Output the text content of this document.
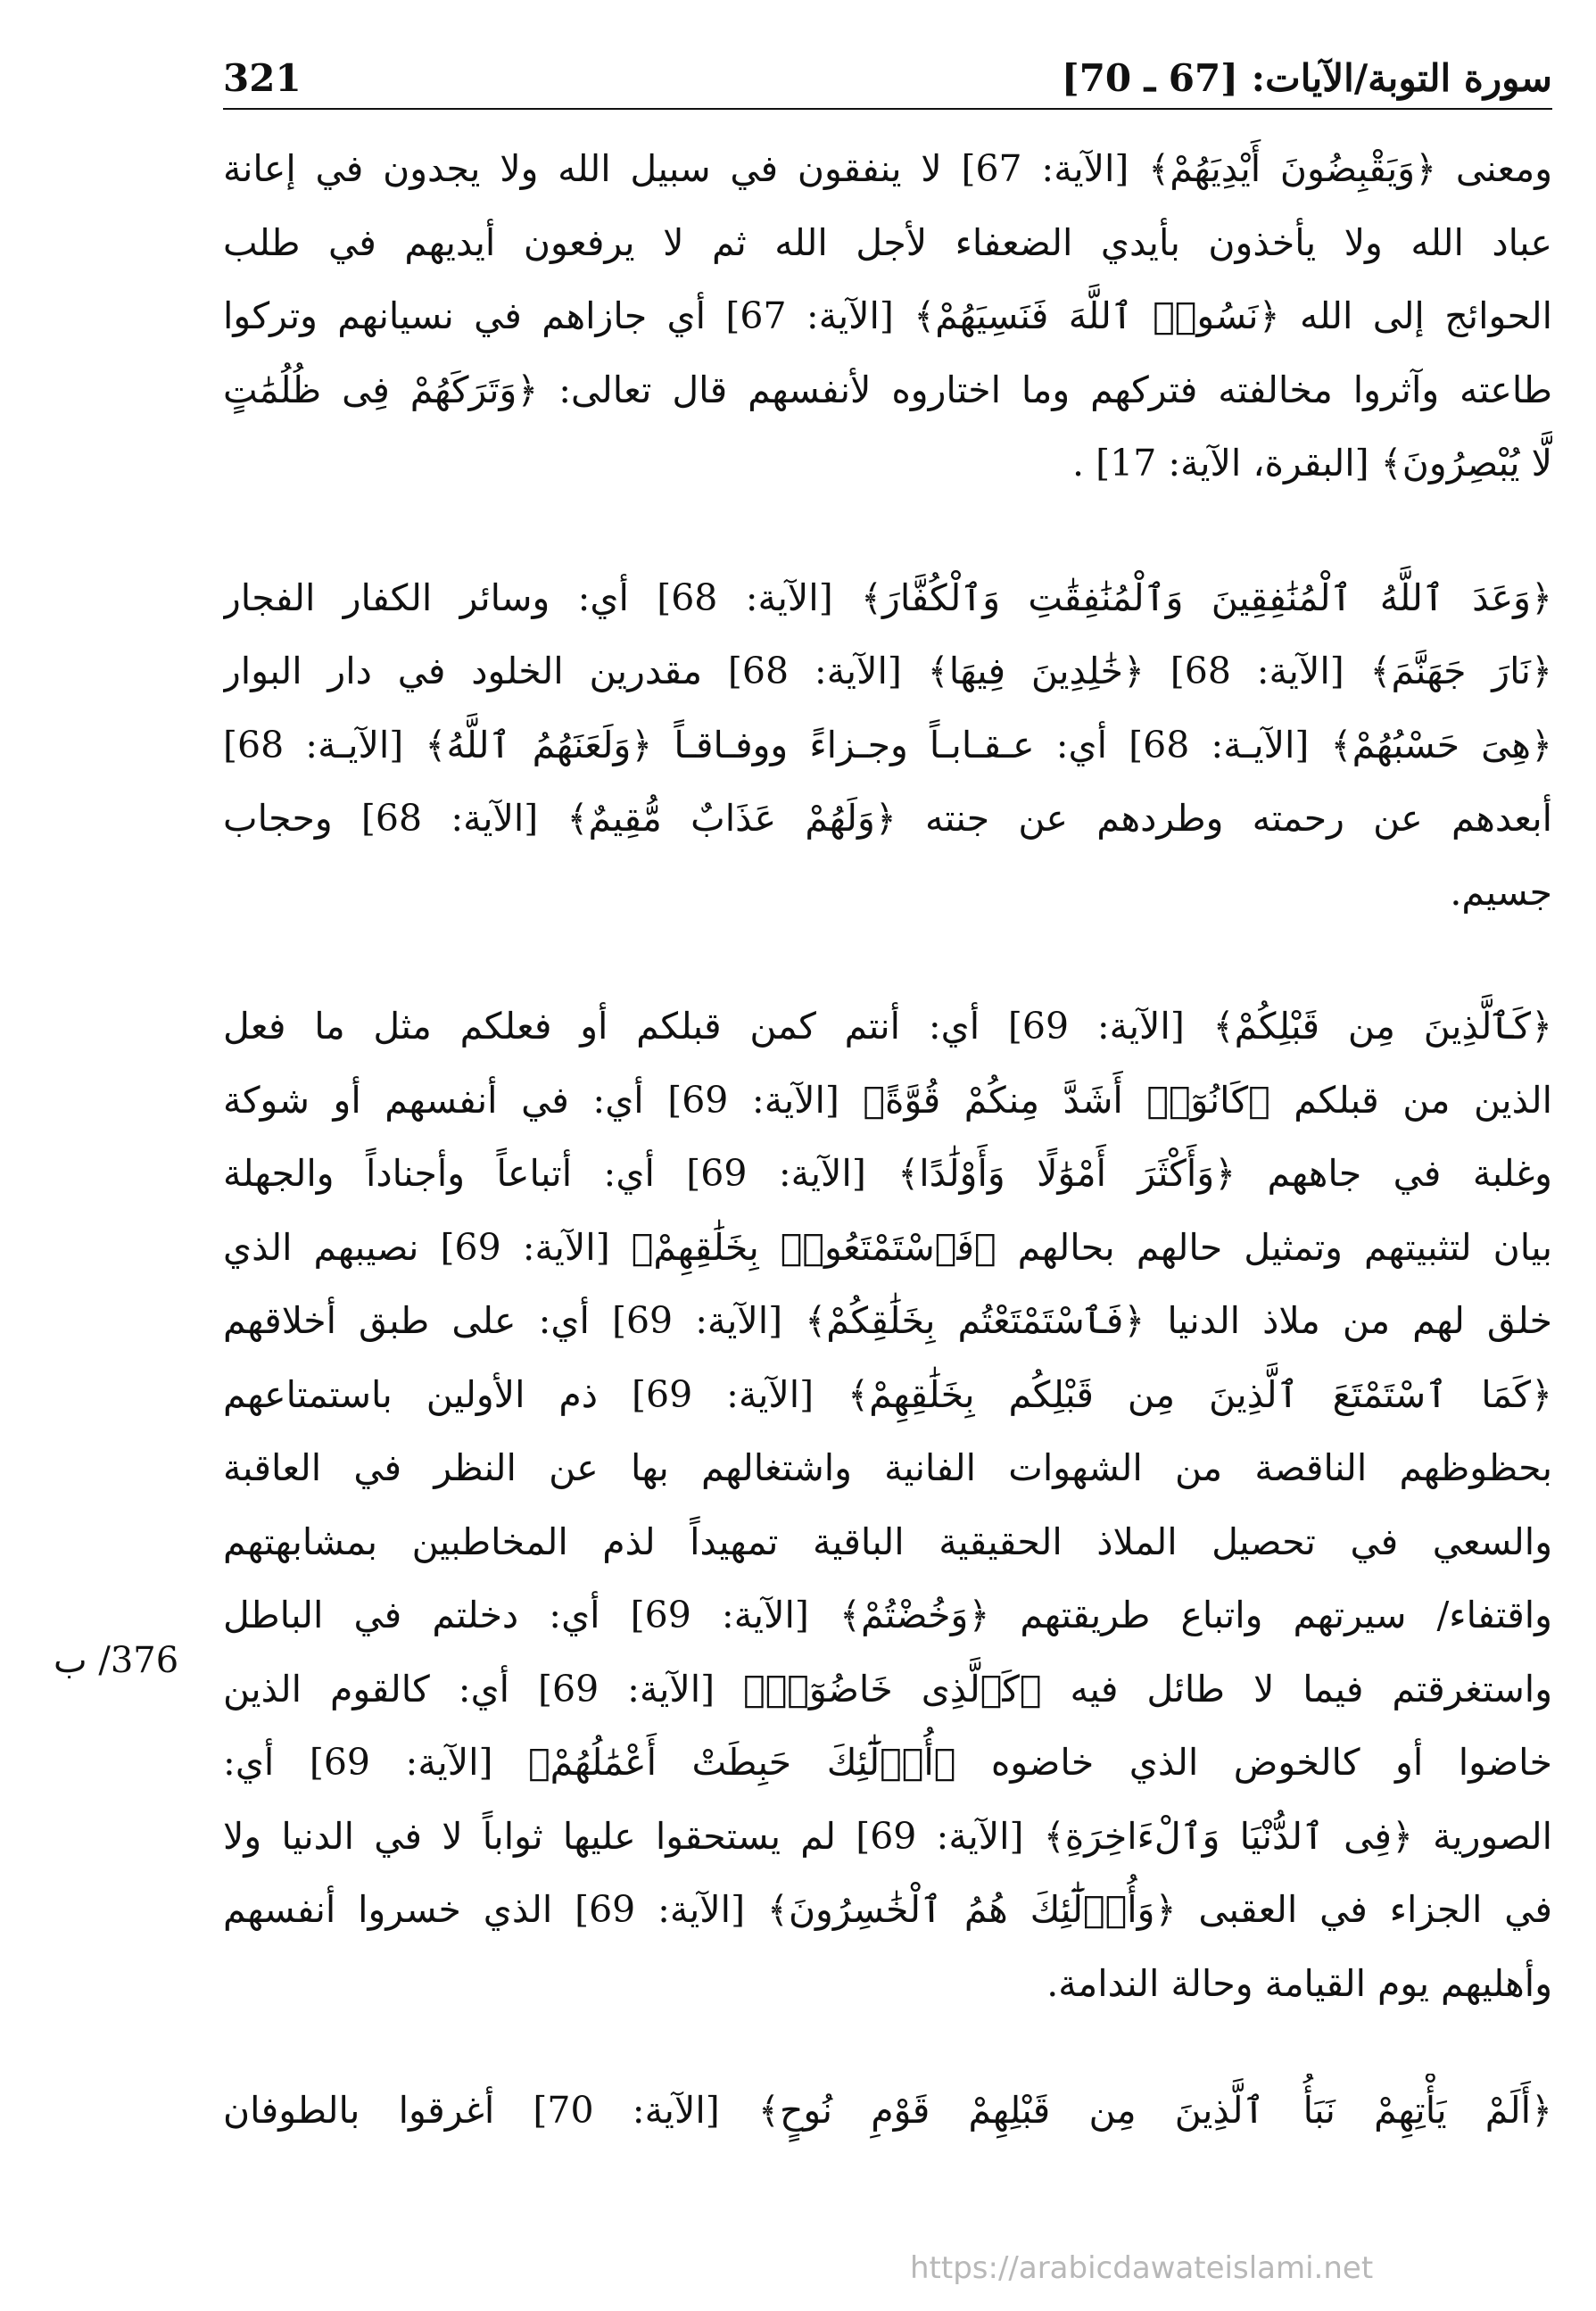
321	سورة التوبة/الآيات: [67 ـ 70]
ومعنى ﴿وَيَقْبِضُونَ أَيْدِيَهُمْ﴾ [الآية: 67] لا ينفقون في سبيل الله ولا يجدون في إعانة
عباد الله ولا يأخذون بأيدي الضعفاء لأجل الله ثم لا يرفعون أيديهم في طلب
الحوائج إلى الله ﴿نَسُوا۟ ٱللَّهَ فَنَسِيَهُمْ﴾ [الآية: 67] أي جازاهم في نسيانهم وتركوا
طاعته وآثروا مخالفته فتركهم وما اختاروه لأنفسهم قال تعالى: ﴿وَتَرَكَهُمْ فِى ظُلُمَٰتٍ
لَّا يُبْصِرُونَ﴾ [البقرة، الآية: 17] .
﴿وَعَدَ ٱللَّهُ ٱلْمُنَٰفِقِينَ وَٱلْمُنَٰفِقَٰتِ وَٱلْكُفَّارَ﴾ [الآية: 68] أي: وسائر الكفار الفجار
﴿نَارَ جَهَنَّمَ﴾ [الآية: 68] ﴿خَٰلِدِينَ فِيهَا﴾ [الآية: 68] مقدرين الخلود في دار البوار
﴿هِىَ حَسْبُهُمْ﴾ [الآيـة: 68] أي: عـقـابـاً وجـزاءً ووفـاقـاً ﴿وَلَعَنَهُمُ ٱللَّهُ﴾ [الآيـة: 68]
أبعدهم عن رحمته وطردهم عن جنته ﴿وَلَهُمْ عَذَابٌ مُّقِيمٌ﴾ [الآية: 68] وحجاب
جسيم.
﴿كَٱلَّذِينَ مِن قَبْلِكُمْ﴾ [الآية: 69] أي: أنتم كمن قبلكم أو فعلكم مثل ما فعل
الذين من قبلكم ﴿كَانُوٓا۟ أَشَدَّ مِنكُمْ قُوَّةً﴾ [الآية: 69] أي: في أنفسهم أو شوكة
وغلبة في جاههم ﴿وَأَكْثَرَ أَمْوَٰلًا وَأَوْلَٰدًا﴾ [الآية: 69] أي: أتباعاً وأجناداً والجهلة
بيان لتثبيتهم وتمثيل حالهم بحالهم ﴿فَٱسْتَمْتَعُوا۟ بِخَلَٰقِهِمْ﴾ [الآية: 69] نصيبهم الذي
خلق لهم من ملاذ الدنيا ﴿فَٱسْتَمْتَعْتُم بِخَلَٰقِكُمْ﴾ [الآية: 69] أي: على طبق أخلاقهم
﴿كَمَا ٱسْتَمْتَعَ ٱلَّذِينَ مِن قَبْلِكُم بِخَلَٰقِهِمْ﴾ [الآية: 69] ذم الأولين باستمتاعهم
بحظوظهم الناقصة من الشهوات الفانية واشتغالهم بها عن النظر في العاقبة
والسعي في تحصيل الملاذ الحقيقية الباقية تمهيداً لذم المخاطبين بمشابهتهم
واقتفاء/ سيرتهم واتباع طريقتهم ﴿وَخُضْتُمْ﴾ [الآية: 69] أي: دخلتم في الباطل
واستغرقتم فيما لا طائل فيه ﴿كَٱلَّذِى خَاضُوٓا۟﴾ [الآية: 69] أي: كالقوم الذين
خاضوا أو كالخوض الذي خاضوه ﴿أُو۟لَٰٓئِكَ حَبِطَتْ أَعْمَٰلُهُمْ﴾ [الآية: 69] أي:
الصورية ﴿فِى ٱلدُّنْيَا وَٱلْءَاخِرَةِ﴾ [الآية: 69] لم يستحقوا عليها ثواباً لا في الدنيا ولا
في الجزاء في العقبى ﴿وَأُو۟لَٰٓئِكَ هُمُ ٱلْخَٰسِرُونَ﴾ [الآية: 69] الذي خسروا أنفسهم
وأهليهم يوم القيامة وحالة الندامة.
﴿أَلَمْ يَأْتِهِمْ نَبَأُ ٱلَّذِينَ مِن قَبْلِهِمْ قَوْمِ نُوحٍ﴾ [الآية: 70] أغرقوا بالطوفان
376/ ب
https://arabicdawateislami.net
